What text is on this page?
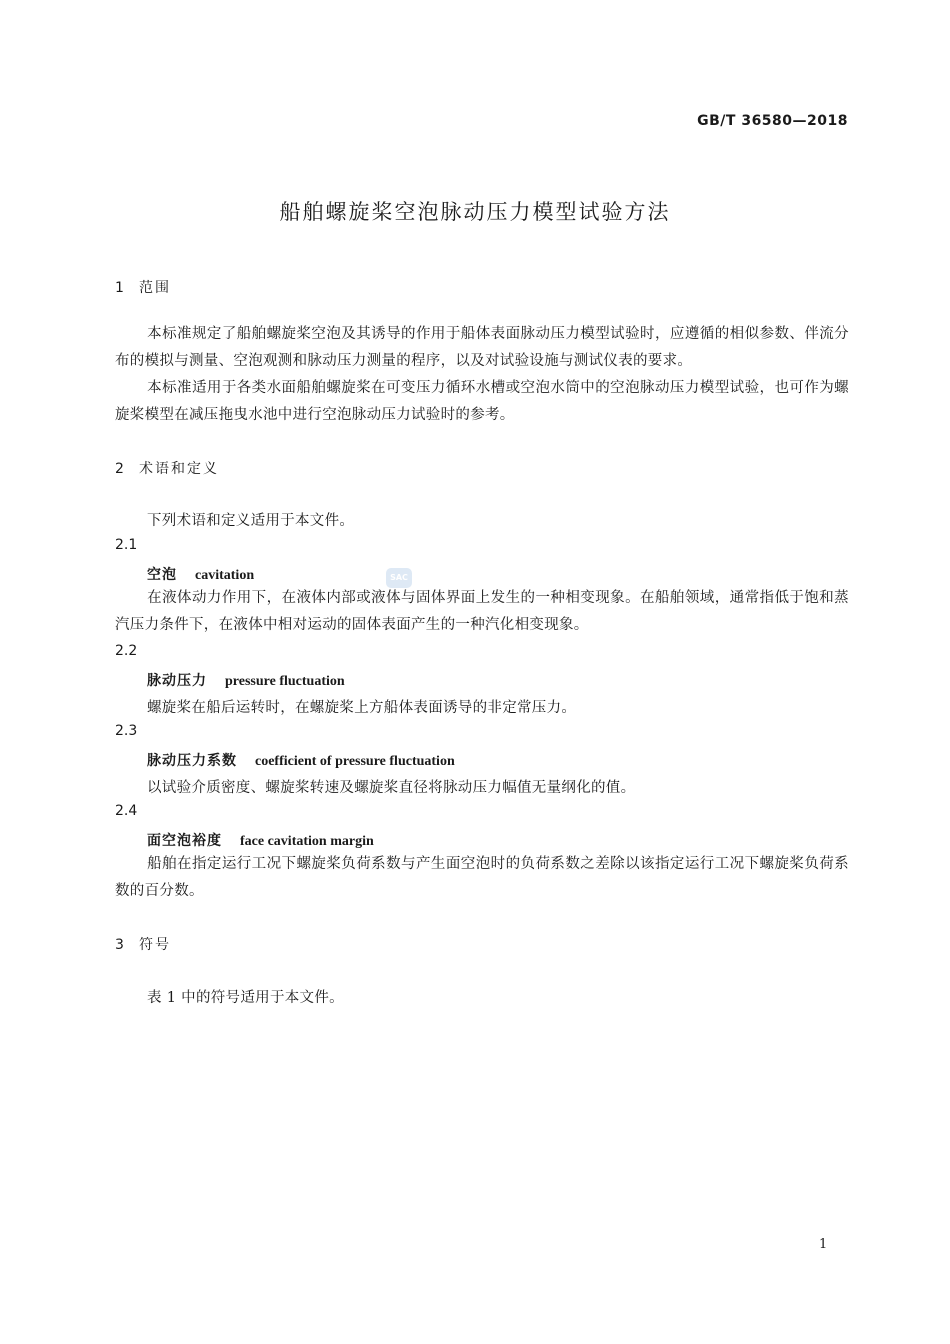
GB/T 36580—2018
船舶螺旋桨空泡脉动压力模型试验方法
1 范围
本标准规定了船舶螺旋桨空泡及其诱导的作用于船体表面脉动压力模型试验时，应遵循的相似参数、伴流分布的模拟与测量、空泡观测和脉动压力测量的程序，以及对试验设施与测试仪表的要求。
本标准适用于各类水面船舶螺旋桨在可变压力循环水槽或空泡水筒中的空泡脉动压力模型试验，也可作为螺旋桨模型在减压拖曳水池中进行空泡脉动压力试验时的参考。
2 术语和定义
下列术语和定义适用于本文件。
2.1
空泡 cavitation	SAC
在液体动力作用下，在液体内部或液体与固体界面上发生的一种相变现象。在船舶领域，通常指低于饱和蒸汽压力条件下，在液体中相对运动的固体表面产生的一种汽化相变现象。
2.2
脉动压力 pressure fluctuation
螺旋桨在船后运转时，在螺旋桨上方船体表面诱导的非定常压力。
2.3
脉动压力系数 coefficient of pressure fluctuation
以试验介质密度、螺旋桨转速及螺旋桨直径将脉动压力幅值无量纲化的值。
2.4
面空泡裕度 face cavitation margin
船舶在指定运行工况下螺旋桨负荷系数与产生面空泡时的负荷系数之差除以该指定运行工况下螺旋桨负荷系数的百分数。
3 符号
表 1 中的符号适用于本文件。
1
